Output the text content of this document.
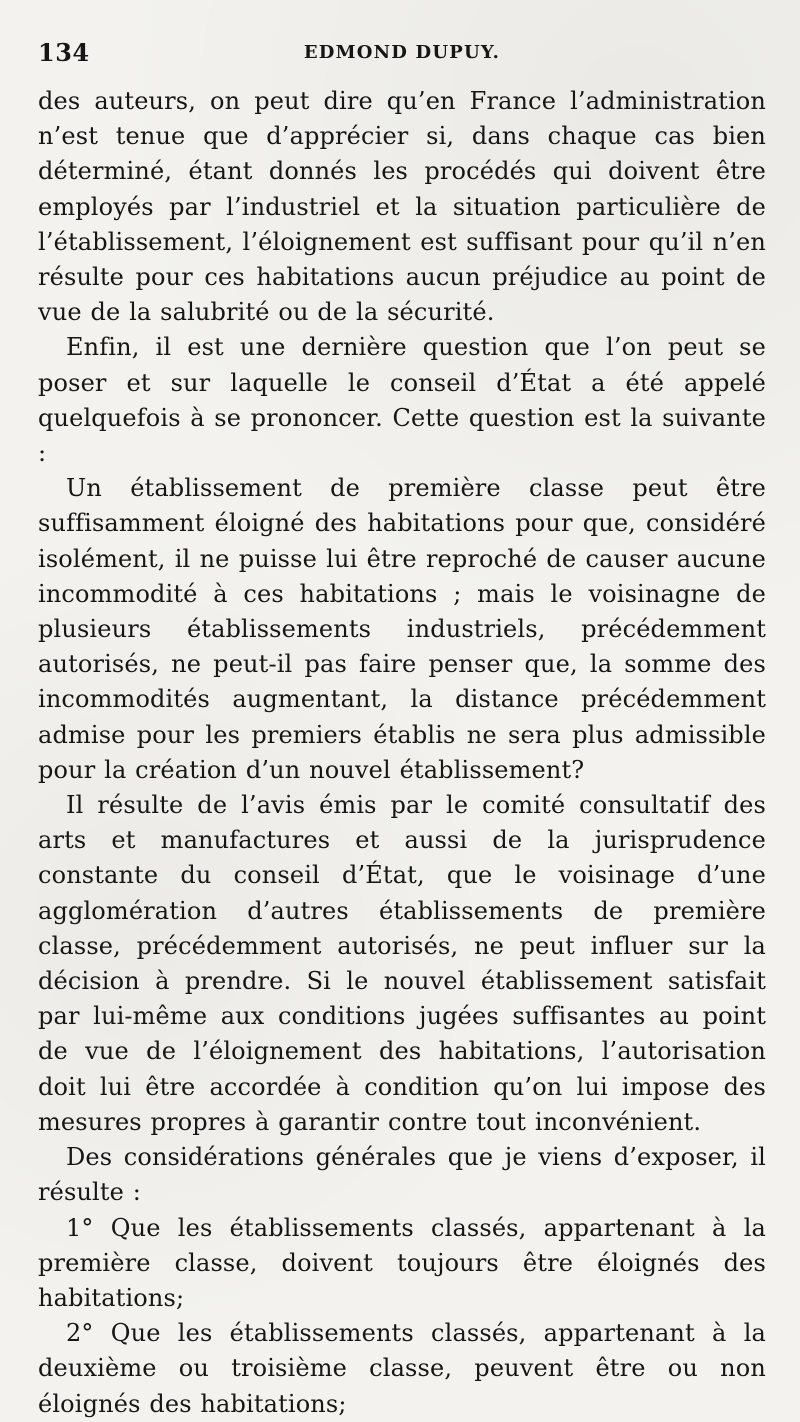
134	EDMOND DUPUY.

des auteurs, on peut dire qu’en France l’administration n’est tenue que d’apprécier si, dans chaque cas bien déterminé, étant donnés les procédés qui doivent être employés par l’industriel et la situation particulière de l’établissement, l’éloignement est suffisant pour qu’il n’en résulte pour ces habitations aucun préjudice au point de vue de la salubrité ou de la sécurité.

Enfin, il est une dernière question que l’on peut se poser et sur laquelle le conseil d’État a été appelé quelquefois à se prononcer. Cette question est la suivante :

Un établissement de première classe peut être suffisamment éloigné des habitations pour que, considéré isolément, il ne puisse lui être reproché de causer aucune incommodité à ces habitations ; mais le voisinagne de plusieurs établissements industriels, précédemment autorisés, ne peut-il pas faire penser que, la somme des incommodités augmentant, la distance précédemment admise pour les premiers établis ne sera plus admissible pour la création d’un nouvel établissement?

Il résulte de l’avis émis par le comité consultatif des arts et manufactures et aussi de la jurisprudence constante du conseil d’État, que le voisinage d’une agglomération d’autres établissements de première classe, précédemment autorisés, ne peut influer sur la décision à prendre. Si le nouvel établissement satisfait par lui-même aux conditions jugées suffisantes au point de vue de l’éloignement des habitations, l’autorisation doit lui être accordée à condition qu’on lui impose des mesures propres à garantir contre tout inconvénient.

Des considérations générales que je viens d’exposer, il résulte :

1° Que les établissements classés, appartenant à la première classe, doivent toujours être éloignés des habitations;

2° Que les établissements classés, appartenant à la deuxième ou troisième classe, peuvent être ou non éloignés des habitations;
